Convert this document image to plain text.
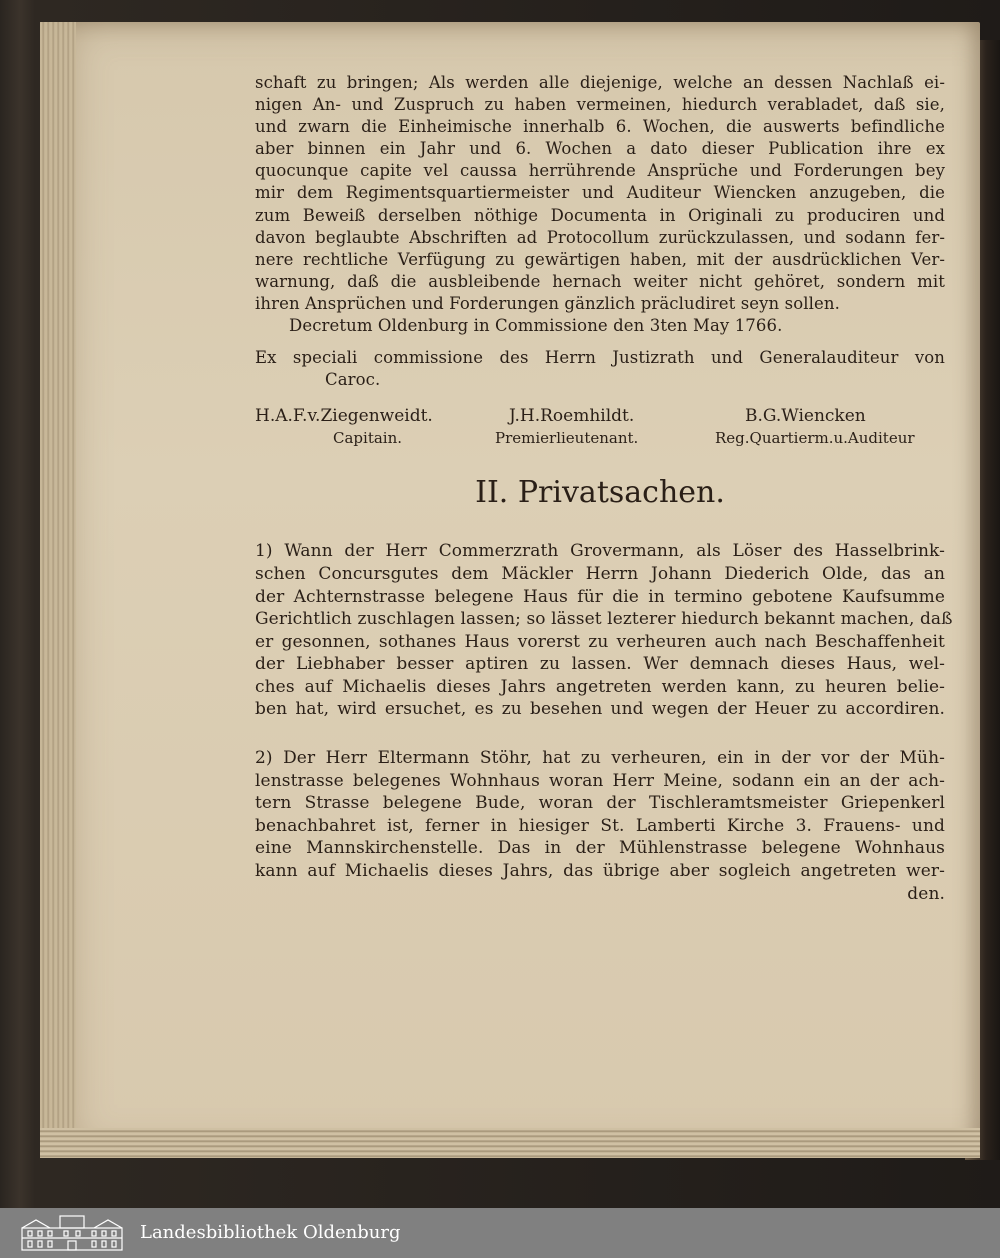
schaft zu bringen; Als werden alle diejenige, welche an dessen Nachlaß ei-
nigen An- und Zuspruch zu haben vermeinen, hiedurch verabladet, daß sie,
und zwarn die Einheimische innerhalb 6. Wochen, die auswerts befindliche
aber binnen ein Jahr und 6. Wochen a dato dieser Publication ihre ex
quocunque capite vel caussa herrührende Ansprüche und Forderungen bey
mir dem Regimentsquartiermeister und Auditeur Wiencken anzugeben, die
zum Beweiß derselben nöthige Documenta in Originali zu produciren und
davon beglaubte Abschriften ad Protocollum zurückzulassen, und sodann fer-
nere rechtliche Verfügung zu gewärtigen haben, mit der ausdrücklichen Ver-
warnung, daß die ausbleibende hernach weiter nicht gehöret, sondern mit
ihren Ansprüchen und Forderungen gänzlich präcludiret seyn sollen.
Decretum Oldenburg in Commissione den 3ten May 1766.
Ex speciali commissione des Herrn Justizrath und Generalauditeur von
Caroc.
H.A.F.v.Ziegenweidt.
Capitain.
J.H.Roemhildt.
Premierlieutenant.
B.G.Wiencken
Reg.Quartierm.u.Auditeur
II. Privatsachen.
1) Wann der Herr Commerzrath Grovermann, als Löser des Hasselbrink-
schen Concursgutes dem Mäckler Herrn Johann Diederich Olde, das an
der Achternstrasse belegene Haus für die in termino gebotene Kaufsumme
Gerichtlich zuschlagen lassen; so lässet lezterer hiedurch bekannt machen, daß
er gesonnen, sothanes Haus vorerst zu verheuren auch nach Beschaffenheit
der Liebhaber besser aptiren zu lassen. Wer demnach dieses Haus, wel-
ches auf Michaelis dieses Jahrs angetreten werden kann, zu heuren belie-
ben hat, wird ersuchet, es zu besehen und wegen der Heuer zu accordiren.
2) Der Herr Eltermann Stöhr, hat zu verheuren, ein in der vor der Müh-
lenstrasse belegenes Wohnhaus woran Herr Meine, sodann ein an der ach-
tern Strasse belegene Bude, woran der Tischleramtsmeister Griepenkerl
benachbahret ist, ferner in hiesiger St. Lamberti Kirche 3. Frauens- und
eine Mannskirchenstelle. Das in der Mühlenstrasse belegene Wohnhaus
kann auf Michaelis dieses Jahrs, das übrige aber sogleich angetreten wer-
den.
Landesbibliothek Oldenburg
